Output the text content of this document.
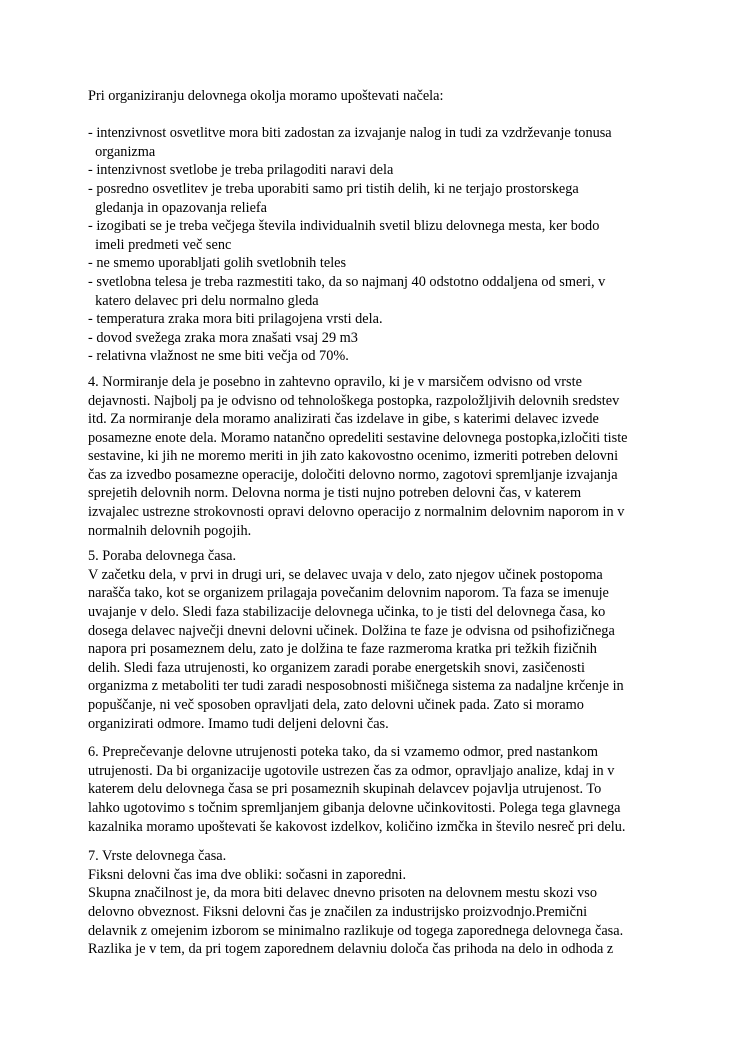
Pri organiziranju delovnega okolja moramo upoštevati načela:
- intenzivnost osvetlitve mora biti zadostan za izvajanje nalog in tudi za vzdrževanje tonusa
organizma
- intenzivnost svetlobe je treba prilagoditi naravi dela
- posredno osvetlitev je treba uporabiti samo pri tistih delih, ki ne terjajo prostorskega
gledanja in opazovanja reliefa
- izogibati se je treba večjega števila individualnih svetil blizu delovnega mesta, ker bodo
imeli predmeti več senc
- ne smemo uporabljati golih svetlobnih teles
- svetlobna telesa je treba razmestiti tako, da so najmanj 40 odstotno oddaljena od smeri, v
katero delavec pri delu normalno gleda
- temperatura zraka mora biti prilagojena vrsti dela.
- dovod svežega zraka mora znašati vsaj 29 m3
- relativna vlažnost ne sme biti večja od 70%.
4. Normiranje dela je posebno in zahtevno opravilo, ki je v marsičem odvisno od vrste
dejavnosti. Najbolj pa je odvisno od tehnološkega postopka, razpoložljivih delovnih sredstev
itd. Za normiranje dela moramo analizirati čas izdelave in gibe, s katerimi delavec izvede
posamezne enote dela. Moramo natančno opredeliti sestavine delovnega postopka,izločiti tiste
sestavine, ki jih ne moremo meriti in jih zato kakovostno ocenimo, izmeriti potreben delovni
čas za izvedbo posamezne operacije, določiti delovno normo, zagotovi spremljanje izvajanja
sprejetih delovnih norm. Delovna norma je tisti nujno potreben delovni čas, v katerem
izvajalec ustrezne strokovnosti opravi delovno operacijo z normalnim delovnim naporom in v
normalnih delovnih pogojih.
5. Poraba delovnega časa.
V začetku dela, v prvi in drugi uri, se delavec uvaja v delo, zato njegov učinek postopoma
narašča tako, kot se organizem prilagaja povečanim delovnim naporom. Ta faza se imenuje
uvajanje v delo. Sledi faza stabilizacije delovnega učinka, to je tisti del delovnega časa, ko
dosega delavec največji dnevni delovni učinek. Dolžina te faze je odvisna od psihofizičnega
napora pri posameznem delu, zato je dolžina te faze razmeroma kratka pri težkih fizičnih
delih. Sledi faza utrujenosti, ko organizem zaradi porabe energetskih snovi, zasičenosti
organizma z metaboliti ter tudi zaradi nesposobnosti mišičnega sistema za nadaljne krčenje in
popuščanje, ni več sposoben opravljati dela, zato delovni učinek pada. Zato si moramo
organizirati odmore. Imamo tudi deljeni delovni čas.
6. Preprečevanje delovne utrujenosti poteka tako, da si vzamemo odmor, pred nastankom
utrujenosti. Da bi organizacije ugotovile ustrezen čas za odmor, opravljajo analize, kdaj in v
katerem delu delovnega časa se pri posameznih skupinah delavcev pojavlja utrujenost. To
lahko ugotovimo s točnim spremljanjem gibanja delovne učinkovitosti. Polega tega glavnega
kazalnika moramo upoštevati še kakovost izdelkov, količino izmčka in število nesreč pri delu.
7. Vrste delovnega časa.
Fiksni delovni čas ima dve obliki: sočasni in zaporedni.
Skupna značilnost je, da mora biti delavec dnevno prisoten na delovnem mestu skozi vso
delovno obveznost. Fiksni delovni čas je značilen za industrijsko proizvodnjo.Premični
delavnik z omejenim izborom se minimalno razlikuje od togega zaporednega delovnega časa.
Razlika je v tem, da pri togem zaporednem delavniu določa čas prihoda na delo in odhoda z
